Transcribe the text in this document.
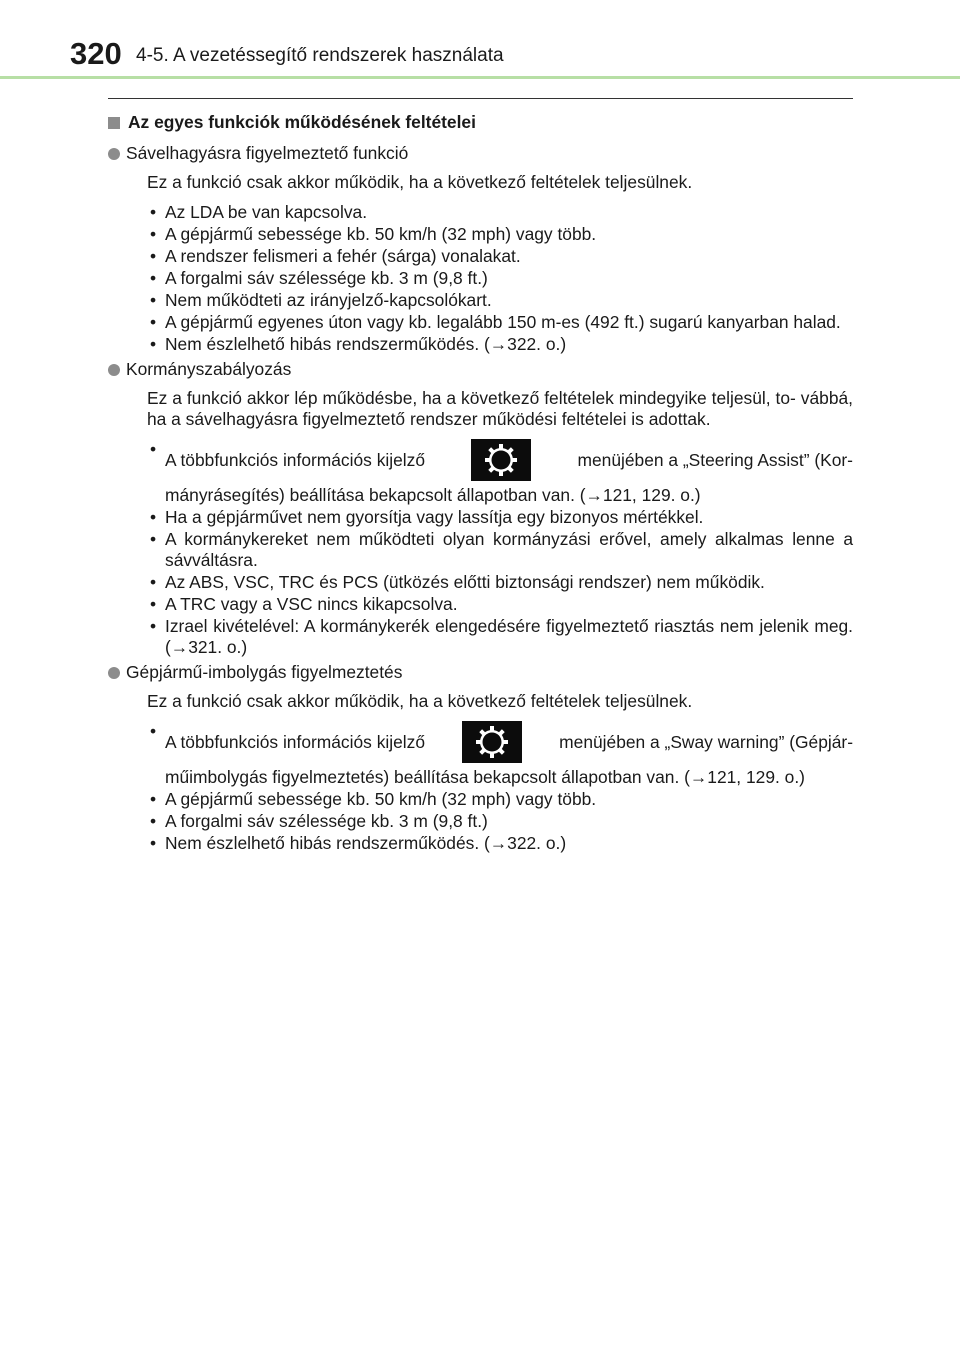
320 4-5. A vezetéssegítő rendszerek használata
Az egyes funkciók működésének feltételei
Sávelhagyásra figyelmeztető funkció

Ez a funkció csak akkor működik, ha a következő feltételek teljesülnek.

• Az LDA be van kapcsolva.
• A gépjármű sebessége kb. 50 km/h (32 mph) vagy több.
• A rendszer felismeri a fehér (sárga) vonalakat.
• A forgalmi sáv szélessége kb. 3 m (9,8 ft.)
• Nem működteti az irányjelző-kapcsolókart.
• A gépjármű egyenes úton vagy kb. legalább 150 m-es (492 ft.) sugarú kanyarban halad.
• Nem észlelhető hibás rendszerműködés. (→322. o.)
Kormányszabályozás

Ez a funkció akkor lép működésbe, ha a következő feltételek mindegyike teljesül, to- vábbá, ha a sávelhagyásra figyelmeztető rendszer működési feltételei is adottak.

• A többfunkciós információs kijelző	menüjében a „Steering Assist” (Kor-
mányrásegítés) beállítása bekapcsolt állapotban van. (→121, 129. o.)
• Ha a gépjárművet nem gyorsítja vagy lassítja egy bizonyos mértékkel.
• A kormánykereket nem működteti olyan kormányzási erővel, amely alkalmas lenne a sávváltásra.
• Az ABS, VSC, TRC és PCS (ütközés előtti biztonsági rendszer) nem működik.
• A TRC vagy a VSC nincs kikapcsolva.
• Izrael kivételével: A kormánykerék elengedésére figyelmeztető riasztás nem jelenik meg. (→321. o.)
Gépjármű-imbolygás figyelmeztetés

Ez a funkció csak akkor működik, ha a következő feltételek teljesülnek.

• A többfunkciós információs kijelző	menüjében a „Sway warning” (Gépjár-
műimbolygás figyelmeztetés) beállítása bekapcsolt állapotban van. (→121, 129. o.)
• A gépjármű sebessége kb. 50 km/h (32 mph) vagy több.
• A forgalmi sáv szélessége kb. 3 m (9,8 ft.)
• Nem észlelhető hibás rendszerműködés. (→322. o.)
